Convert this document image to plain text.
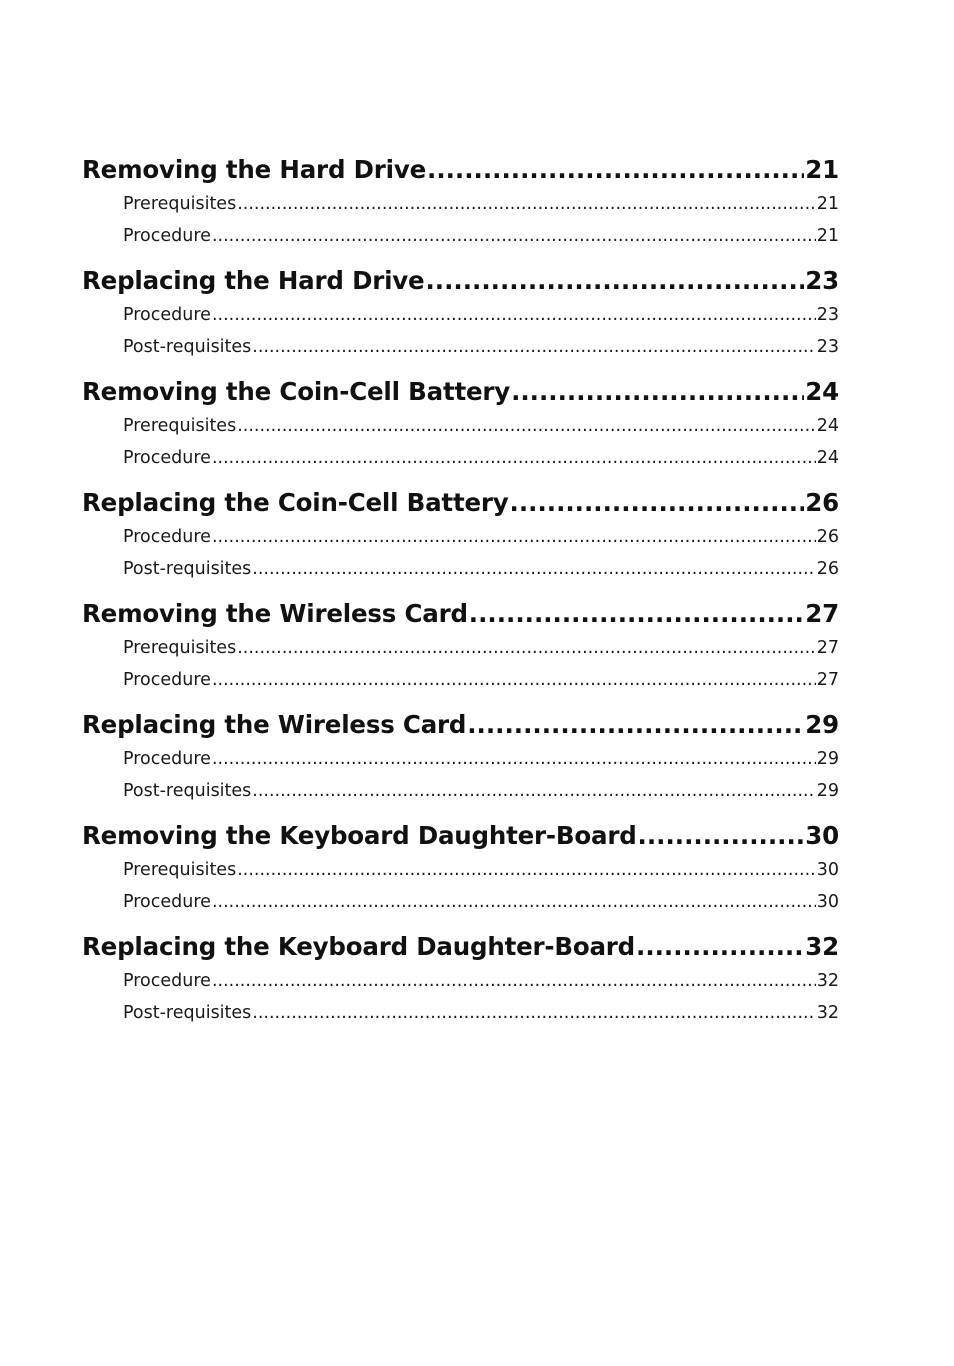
Removing the Hard Drive .....	21
Prerequisites .....	21
Procedure .....	21
Replacing the Hard Drive .....	23
Procedure .....	23
Post-requisites .....	23
Removing the Coin-Cell Battery .....	24
Prerequisites .....	24
Procedure .....	24
Replacing the Coin-Cell Battery .....	26
Procedure .....	26
Post-requisites .....	26
Removing the Wireless Card .....	27
Prerequisites .....	27
Procedure .....	27
Replacing the Wireless Card .....	29
Procedure .....	29
Post-requisites .....	29
Removing the Keyboard Daughter-Board .....	30
Prerequisites .....	30
Procedure .....	30
Replacing the Keyboard Daughter-Board .....	32
Procedure .....	32
Post-requisites .....	32
